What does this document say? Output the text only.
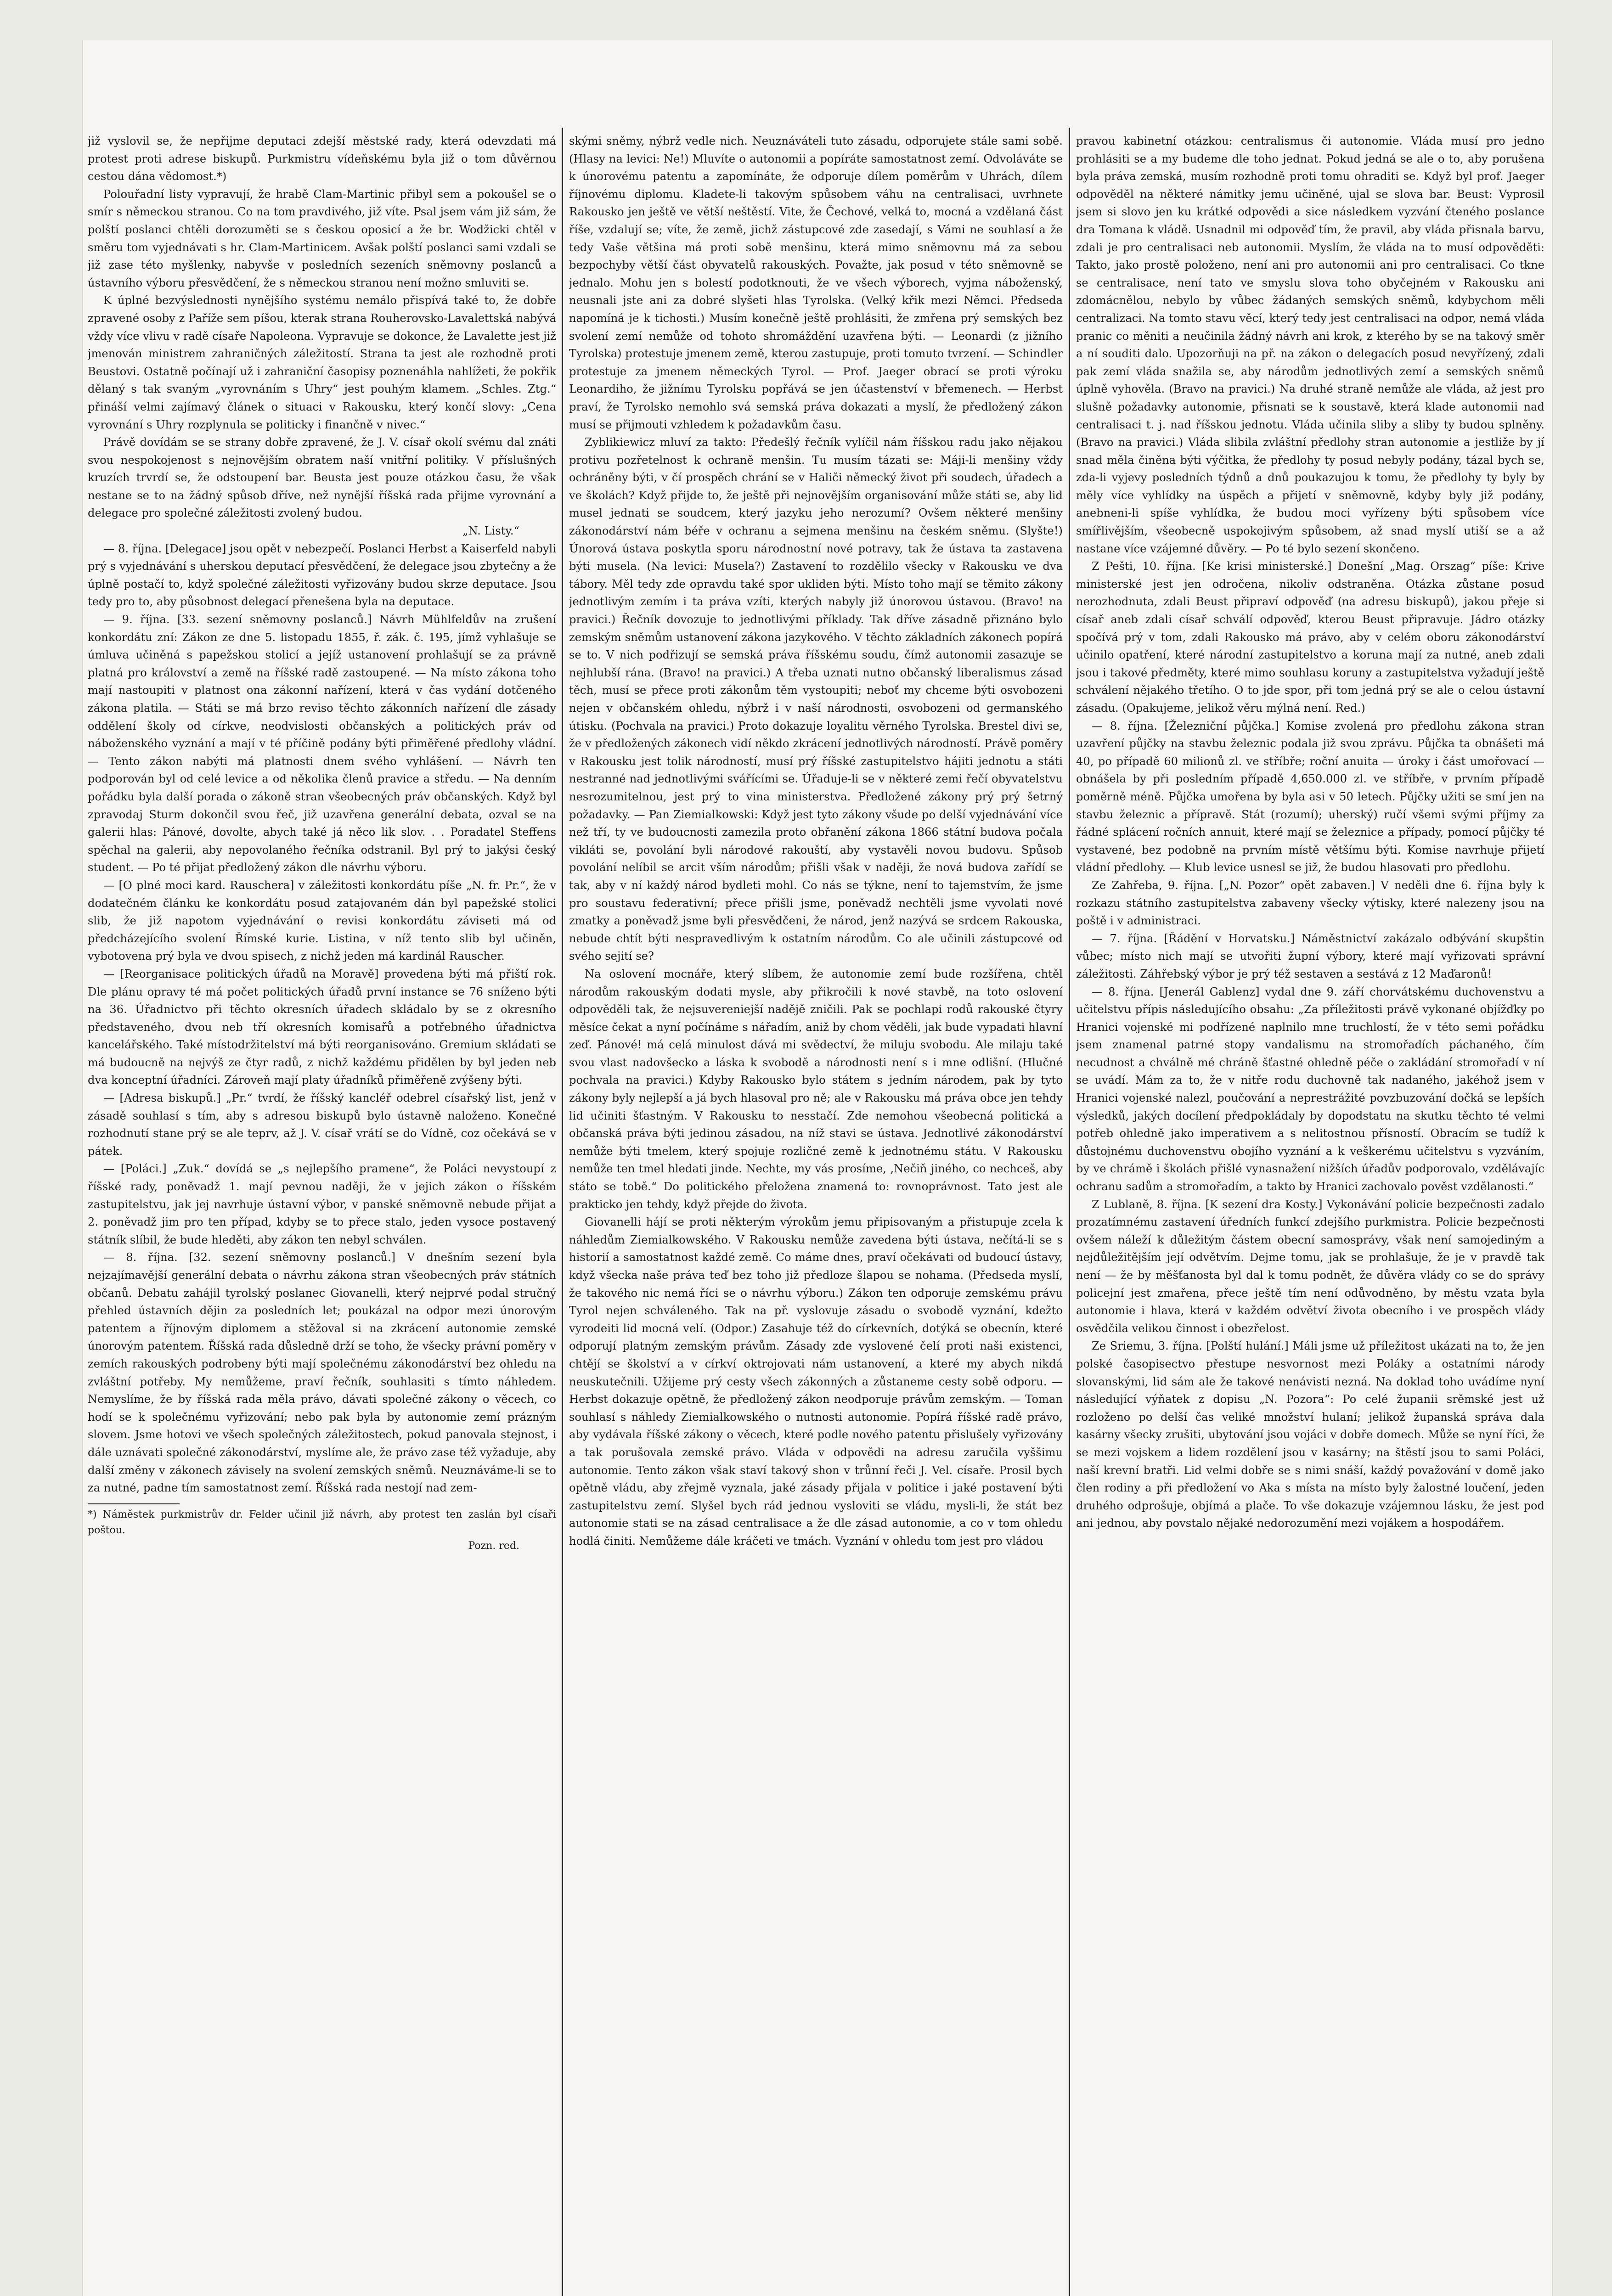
již vyslovil se, že nepřijme deputaci zdejší městské rady, která odevzdati má protest proti adrese biskupů. Purkmistru vídeňskému byla již o tom důvěrnou cestou dána vědomost.*)

Polouřadní listy vypravují, že hrabě Clam-Martinic přibyl sem a pokoušel se o smír s německou stranou. Co na tom pravdivého, již víte. Psal jsem vám již sám, že polští poslanci chtěli dorozuměti se s českou oposicí a že br. Wodžicki chtěl v směru tom vyjednávati s hr. Clam-Martinicem. Avšak polští poslanci sami vzdali se již zase této myšlenky, nabyvše v posledních sezeních sněmovny poslanců a ústavního výboru přesvědčení, že s německou stranou není možno smluviti se.

K úplné bezvýslednosti nynějšího systému nemálo přispívá také to, že dobře zpravené osoby z Paříže sem píšou, kterak strana Rouherovsko-Lavalettská nabývá vždy více vlivu v radě císaře Napoleona. Vypravuje se dokonce, že Lavalette jest již jmenován ministrem zahraničných záležitostí. Strana ta jest ale rozhodně proti Beustovi. Ostatně počínají už i zahraniční časopisy poznenáhla nahlížeti, že pokřik dělaný s tak svaným „vyrovnáním s Uhry“ jest pouhým klamem. „Schles. Ztg.“ přináší velmi zajímavý článek o situaci v Rakousku, který končí slovy: „Cena vyrovnání s Uhry rozplynula se politicky i finančně v nivec.“

Právě dovídám se se strany dobře zpravené, že J. V. císař okolí svému dal znáti svou nespokojenost s nejnovějším obratem naší vnitřní politiky. V příslušných kruzích trvrdí se, že odstoupení bar. Beusta jest pouze otázkou času, že však nestane se to na žádný spůsob dříve, než nynější říšská rada přijme vyrovnání a delegace pro společné záležitosti zvolený budou.

„N. Listy.“

— 8. října. [Delegace] jsou opět v nebezpečí. Poslanci Herbst a Kaiserfeld nabyli prý s vyjednávání s uherskou deputací přesvědčení, že delegace jsou zbytečny a že úplně postačí to, když společné záležitosti vyřizovány budou skrze deputace. Jsou tedy pro to, aby působnost delegací přenešena byla na deputace.

— 9. října. [33. sezení sněmovny poslanců.] Návrh Mühlfeldův na zrušení konkordátu zní: Zákon ze dne 5. listopadu 1855, ř. zák. č. 195, jímž vyhlašuje se úmluva učiněná s papežskou stolicí a jejíž ustanovení prohlašují se za právně platná pro království a země na říšské radě zastoupené. — Na místo zákona toho mají nastoupiti v platnost ona zákonní nařízení, která v čas vydání dotčeného zákona platila. — Státi se má brzo reviso těchto zákonních nařízení dle zásady oddělení školy od církve, neodvislosti občanských a politických práv od náboženského vyznání a mají v té příčině podány býti přiměřené předlohy vládní. — Tento zákon nabýti má platnosti dnem svého vyhlášení. — Návrh ten podporován byl od celé levice a od několika členů pravice a středu. — Na denním pořádku byla další porada o zákoně stran všeobecných práv občanských. Když byl zpravodaj Sturm dokončil svou řeč, již uzavřena generální debata, ozval se na galerii hlas: Pánové, dovolte, abych také já něco lik slov. . . Poradatel Steffens spěchal na galerii, aby nepovolaného řečníka odstranil. Byl prý to jakýsi český student. — Po té přijat předložený zákon dle návrhu výboru.

— [O plné moci kard. Rauschera] v záležitosti konkordátu píše „N. fr. Pr.“, že v dodatečném článku ke konkordátu posud zatajovaném dán byl papežské stolici slib, že již napotom vyjednávání o revisi konkordátu záviseti má od předcházejícího svolení Římské kurie. Listina, v níž tento slib byl učiněn, vybotovena prý byla ve dvou spisech, z nichž jeden má kardinál Rauscher.

— [Reorganisace politických úřadů na Moravě] provedena býti má přiští rok. Dle plánu opravy té má počet politických úřadů první instance se 76 sníženo býti na 36. Úřadnictvo při těchto okresních úřadech skládalo by se z okresního představeného, dvou neb tří okresních komisařů a potřebného úřadnictva kancelářského. Také místodržitelství má býti reorganisováno. Gremium skládati se má budoucně na nejvýš ze čtyr radů, z nichž každému přidělen by byl jeden neb dva konceptní úřadníci. Zároveň mají platy úřadníků přiměřeně zvýšeny býti.

— [Adresa biskupů.] „Pr.“ tvrdí, že říšský kancléř odebrel císařský list, jenž v zásadě souhlasí s tím, aby s adresou biskupů bylo ústavně naloženo. Konečné rozhodnutí stane prý se ale teprv, až J. V. císař vrátí se do Vídně, coz očekává se v pátek.

— [Poláci.] „Zuk.“ dovídá se „s nejlepšího pramene“, že Poláci nevystoupí z říšské rady, poněvadž 1. mají pevnou naději, že v jejich zákon o říšském zastupitelstvu, jak jej navrhuje ústavní výbor, v panské sněmovně nebude přijat a 2. poněvadž jim pro ten případ, kdyby se to přece stalo, jeden vysoce postavený státník slíbil, že bude hleděti, aby zákon ten nebyl schválen.

— 8. října. [32. sezení sněmovny poslanců.] V dnešním sezení byla nejzajímavější generální debata o návrhu zákona stran všeobecných práv státních občanů. Debatu zahájil tyrolský poslanec Giovanelli, který nejprvé podal stručný přehled ústavních dějin za posledních let; poukázal na odpor mezi únorovým patentem a říjnovým diplomem a stěžoval si na zkrácení autonomie zemské únorovým patentem. Říšská rada důsledně drží se toho, že všecky právní poměry v zemích rakouských podrobeny býti mají společnému zákonodárství bez ohledu na zvláštní potřeby. My nemůžeme, praví řečník, souhlasiti s tímto náhledem. Nemyslíme, že by říšská rada měla právo, dávati společné zákony o věcech, co hodí se k společnému vyřizování; nebo pak byla by autonomie zemí prázným slovem. Jsme hotovi ve všech společných záležitostech, pokud panovala stejnost, i dále uznávati společné zákonodárství, myslíme ale, že právo zase též vyžaduje, aby další změny v zákonech závisely na svolení zemských sněmů. Neuznáváme-li se to za nutné, padne tím samostatnost zemí. Říšská rada nestojí nad zem-

*) Náměstek purkmistrův dr. Felder učinil již návrh, aby protest ten zaslán byl císaři poštou.

Pozn. red.

skými sněmy, nýbrž vedle nich. Neuznáváteli tuto zásadu, odporujete stále sami sobě. (Hlasy na levici: Ne!) Mluvíte o autonomii a popíráte samostatnost zemí. Odvoláváte se k únorovému patentu a zapomínáte, že odporuje dílem poměrům v Uhrách, dílem říjnovému diplomu. Kladete-li takovým spůsobem váhu na centralisaci, uvrhnete Rakousko jen ještě ve větší neštěstí. Vite, že Čechové, velká to, mocná a vzdělaná část říše, vzdalují se; víte, že země, jichž zástupcové zde zasedají, s Vámi ne souhlasí a že tedy Vaše většina má proti sobě menšinu, která mimo sněmovnu má za sebou bezpochyby větší část obyvatelů rakouských. Považte, jak posud v této sněmovně se jednalo. Mohu jen s bolestí podotknouti, že ve všech výborech, vyjma náboženský, neusnali jste ani za dobré slyšeti hlas Tyrolska. (Velký křik mezi Němci. Předseda napomíná je k tichosti.) Musím konečně ještě prohlásiti, že zmřena prý semských bez svolení zemí nemůže od tohoto shromáždění uzavřena býti. — Leonardi (z jižního Tyrolska) protestuje jmenem země, kterou zastupuje, proti tomuto tvrzení. — Schindler protestuje za jmenem německých Tyrol. — Prof. Jaeger obrací se proti výroku Leonardiho, že jižnímu Tyrolsku popřává se jen účastenství v břemenech. — Herbst praví, že Tyrolsko nemohlo svá semská práva dokazati a myslí, že předložený zákon musí se přijmouti vzhledem k požadavkům času.

Zyblikiewicz mluví za takto: Předešlý řečník vylíčil nám říšskou radu jako nějakou protivu pozřetelnost k ochraně menšin. Tu musím tázati se: Máji-li menšiny vždy ochráněny býti, v čí prospěch chrání se v Haliči německý život při soudech, úřadech a ve školách? Když přijde to, že ještě při nejnovějším organisování může státi se, aby lid musel jednati se soudcem, který jazyku jeho nerozumí? Ovšem některé menšiny zákonodárství nám béře v ochranu a sejmena menšinu na českém sněmu. (Slyšte!) Únorová ústava poskytla sporu národnostní nové potravy, tak že ústava ta zastavena býti musela. (Na levici: Musela?) Zastavení to rozdělilo všecky v Rakousku ve dva tábory. Měl tedy zde opravdu také spor ukliden býti. Místo toho mají se těmito zákony jednotlivým zemím i ta práva vzíti, kterých nabyly již únorovou ústavou. (Bravo! na pravici.) Řečník dovozuje to jednotlivými příklady. Tak dříve zásadně přiznáno bylo zemským sněmům ustanovení zákona jazykového. V těchto základních zákonech popírá se to. V nich podřizují se semská práva říšskému soudu, čímž autonomii zasazuje se nejhlubší rána. (Bravo! na pravici.) A třeba uznati nutno občanský liberalismus zásad těch, musí se přece proti zákonům těm vystoupiti; neboť my chceme býti osvobozeni nejen v občanském ohledu, nýbrž i v naší národnosti, osvobozeni od germanského útisku. (Pochvala na pravici.) Proto dokazuje loyalitu věrného Tyrolska. Brestel divi se, že v předložených zákonech vidí někdo zkrácení jednotlivých národností. Právě poměry v Rakousku jest tolik národností, musí prý říšské zastupitelstvo hájiti jednotu a státi nestranné nad jednotlivými svářícími se. Úřaduje-li se v některé zemi řečí obyvatelstvu nesrozumitelnou, jest prý to vina ministerstva. Předložené zákony prý prý šetrný požadavky. — Pan Ziemialkowski: Když jest tyto zákony všude po delší vyjednávání více než tří, ty ve budoucnosti zamezila proto obřanění zákona 1866 státní budova počala vikláti se, povolání byli národové rakouští, aby vystavěli novou budovu. Spůsob povolání nelíbil se arcit vším národům; přišli však v naději, že nová budova zařídí se tak, aby v ní každý národ bydleti mohl. Co nás se týkne, není to tajemstvím, že jsme pro soustavu federativní; přece přišli jsme, poněvadž nechtěli jsme vyvolati nové zmatky a poněvadž jsme byli přesvědčeni, že národ, jenž nazývá se srdcem Rakouska, nebude chtít býti nespravedlivým k ostatním národům. Co ale učinili zástupcové od svého sejití se?

Na oslovení mocnáře, který slíbem, že autonomie zemí bude rozšířena, chtěl národům rakouským dodati mysle, aby přikročili k nové stavbě, na toto oslovení odpověděli tak, že nejsuvereniejší nadějě zničili. Pak se pochlapi rodů rakouské čtyry měsíce čekat a nyní počínáme s nářadím, aniž by chom věděli, jak bude vypadati hlavní zeď. Pánové! má celá minulost dává mi svědectví, že miluju svobodu. Ale milaju také svou vlast nadovšecko a láska k svobodě a národnosti není s i mne odlišní. (Hlučné pochvala na pravici.) Kdyby Rakousko bylo státem s jedním národem, pak by tyto zákony byly nejlepší a já bych hlasoval pro ně; ale v Rakousku má práva obce jen tehdy lid učiniti šťastným. V Rakousku to nesstačí. Zde nemohou všeobecná politická a občanská práva býti jedinou zásadou, na níž stavi se ústava. Jednotlivé zákonodárství nemůže býti tmelem, který spojuje rozličné země k jednotnému státu. V Rakousku nemůže ten tmel hledati jinde. Nechte, my vás prosíme, ,Nečiň jiného, co nechceš, aby státo se tobě.“ Do politického přeložena znamená to: rovnoprávnost. Tato jest ale prakticko jen tehdy, když přejde do života.

Giovanelli hájí se proti některým výrokům jemu připisovaným a přistupuje zcela k náhledům Ziemialkowského. V Rakousku nemůže zavedena býti ústava, nečítá-li se s historií a samostatnost každé země. Co máme dnes, praví očekávati od budoucí ústavy, když všecka naše práva teď bez toho již předloze šlapou se nohama. (Předseda myslí, že takového nic nemá říci se o návrhu výboru.) Zákon ten odporuje zemskému právu Tyrol nejen schváleného. Tak na př. vyslovuje zásadu o svobodě vyznání, kdežto vyrodeiti lid mocná velí. (Odpor.) Zasahuje též do církevních, dotýká se obecnín, které odporují platným zemským právům. Zásady zde vyslovené čelí proti naši existenci, chtějí se školství a v církví oktrojovati nám ustanovení, a které my abych nikdá neuskutečnili. Užijeme prý cesty všech zákonných a zůstaneme cesty sobě odporu. — Herbst dokazuje opětně, že předložený zákon neodporuje právům zemským. — Toman souhlasí s náhledy Ziemialkowského o nutnosti autonomie. Popírá říšské radě právo, aby vydávala říšské zákony o věcech, které podle nového patentu přislušely vyřizovány a tak porušovala zemské právo. Vláda v odpovědi na adresu zaručila vyššimu autonomie. Tento zákon však staví takový shon v trůnní řeči J. Vel. císaře. Prosil bych opětně vládu, aby zřejmě vyznala, jaké zásady přijala v politice i jaké postavení býti zastupitelstvu zemí. Slyšel bych rád jednou vysloviti se vládu, mysli-li, že stát bez autonomie stati se na zásad centralisace a že dle zásad autonomie, a co v tom ohledu hodlá činiti. Nemůžeme dále kráčeti ve tmách. Vyznání v ohledu tom jest pro vládou

pravou kabinetní otázkou: centralismus či autonomie. Vláda musí pro jedno prohlásiti se a my budeme dle toho jednat. Pokud jedná se ale o to, aby porušena byla práva zemská, musím rozhodně proti tomu ohraditi se. Když byl prof. Jaeger odpověděl na některé námitky jemu učiněné, ujal se slova bar. Beust: Vyprosil jsem si slovo jen ku krátké odpovědi a sice následkem vyzvání čteného poslance dra Tomana k vládě. Usnadnil mi odpověď tím, že pravil, aby vláda přisnala barvu, zdali je pro centralisaci neb autonomii. Myslím, že vláda na to musí odpověděti: Takto, jako prostě položeno, není ani pro autonomii ani pro centralisaci. Co tkne se centralisace, není tato ve smyslu slova toho obyčejném v Rakousku ani zdomácnělou, nebylo by vůbec žádaných semských sněmů, kdybychom měli centralizaci. Na tomto stavu věcí, který tedy jest centralisaci na odpor, nemá vláda pranic co měniti a neučinila žádný návrh ani krok, z kterého by se na takový směr a ní souditi dalo. Upozorňuji na př. na zákon o delegacích posud nevyřízený, zdali pak zemí vláda snažila se, aby národům jednotlivých zemí a semských sněmů úplně vyhověla. (Bravo na pravici.) Na druhé straně nemůže ale vláda, až jest pro slušně požadavky autonomie, přisnati se k soustavě, která klade autonomii nad centralisaci t. j. nad říšskou jednotu. Vláda učinila sliby a sliby ty budou splněny. (Bravo na pravici.) Vláda slibila zvláštní předlohy stran autonomie a jestliže by jí snad měla činěna býti výčitka, že předlohy ty posud nebyly podány, tázal bych se, zda-li vyjevy posledních týdnů a dnů poukazujou k tomu, že předlohy ty byly by měly více vyhlídky na úspěch a přijetí v sněmovně, kdyby byly již podány, anebneni-li spíše vyhlídka, že budou moci vyřízeny býti spůsobem více smířlivějším, všeobecně uspokojivým spůsobem, až snad myslí utiší se a až nastane více vzájemné důvěry. — Po té bylo sezení skončeno.

Z Pešti, 10. října. [Ke krisi ministerské.] Donešní „Mag. Orszag“ píše: Krive ministerské jest jen odročena, nikoliv odstraněna. Otázka zůstane posud nerozhodnuta, zdali Beust připraví odpověď (na adresu biskupů), jakou přeje si císař aneb zdali císař schválí odpověď, kterou Beust připravuje. Jádro otázky spočívá prý v tom, zdali Rakousko má právo, aby v celém oboru zákonodárství učinilo opatření, které národní zastupitelstvo a koruna mají za nutné, aneb zdali jsou i takové předměty, které mimo souhlasu koruny a zastupitelstva vyžadují ještě schválení nějakého třetího. O to jde spor, při tom jedná prý se ale o celou ústavní zásadu. (Opakujeme, jelikož věru mýlná není. Red.)

— 8. října. [Železniční půjčka.] Komise zvolená pro předlohu zákona stran uzavření půjčky na stavbu železnic podala již svou zprávu. Půjčka ta obnášeti má 40, po případě 60 milionů zl. ve stříbře; roční anuita — úroky i část umořovací — obnášela by při posledním případě 4,650.000 zl. ve stříbře, v prvním případě poměrně méně. Půjčka umořena by byla asi v 50 letech. Půjčky užiti se smí jen na stavbu železnic a přípravě. Stát (rozumí); uherský) ručí všemi svými příjmy za řádné splácení ročních annuit, které mají se železnice a případy, pomocí půjčky té vystavené, bez podobně na prvním místě většímu býti. Komise navrhuje přijetí vládní předlohy. — Klub levice usnesl se již, že budou hlasovati pro předlohu.

Ze Zahřeba, 9. října. [„N. Pozor“ opět zabaven.] V neděli dne 6. října byly k rozkazu státního zastupitelstva zabaveny všecky výtisky, které nalezeny jsou na poště i v administraci.

— 7. října. [Řádění v Horvatsku.] Náměstnictví zakázalo odbývání skupštin vůbec; místo nich mají se utvořiti župní výbory, které mají vyřizovati správní záležitosti. Záhřebský výbor je prý též sestaven a sestává z 12 Maďaronů!

— 8. října. [Jenerál Gablenz] vydal dne 9. září chorvátskému duchovenstvu a učitelstvu přípis následujícího obsahu: „Za příležitosti právě vykonané objížďky po Hranici vojenské mi podřízené naplnilo mne truchlostí, že v této semi pořádku jsem znamenal patrné stopy vandalismu na stromořadích páchaného, čím necudnost a chválně mé chráně šťastné ohledně péče o zakládání stromořadí v ní se uvádí. Mám za to, že v nitře rodu duchovně tak nadaného, jakéhož jsem v Hranici vojenské nalezl, poučování a neprestrážité povzbuzování dočká se lepších výsledků, jakých docílení předpokládaly by dopodstatu na skutku těchto té velmi potřeb ohledně jako imperativem a s nelitostnou přísností. Obracím se tudíž k důstojnému duchovenstvu obojího vyznání a k veškerému učitelstvu s vyzváním, by ve chrámě i školách přišlé vynasnažení nižších úřadův podporovalo, vzdělávajíc ochranu sadům a stromořadím, a takto by Hranici zachovalo pověst vzdělanosti.“

Z Lublaně, 8. října. [K sezení dra Kosty.] Vykonávání policie bezpečnosti zadalo prozatímnému zastavení úředních funkcí zdejšího purkmistra. Policie bezpečnosti ovšem náleží k důležitým částem obecní samosprávy, však není samojediným a nejdůležitějším její odvětvím. Dejme tomu, jak se prohlašuje, že je v pravdě tak není — že by měšťanosta byl dal k tomu podnět, že důvěra vlády co se do správy policejní jest zmařena, přece ještě tím není odůvodněno, by městu vzata byla autonomie i hlava, která v každém odvětví života obecního i ve prospěch vlády osvědčila velikou činnost i obezřelost.

Ze Sriemu, 3. října. [Polští hulání.] Máli jsme už příležitost ukázati na to, že jen polské časopisectvo přestupe nesvornost mezi Poláky a ostatními národy slovanskými, lid sám ale že takové nenávisti nezná. Na doklad toho uvádíme nyní následující výňatek z dopisu „N. Pozora“: Po celé županii srěmské jest už rozloženo po delší čas veliké množství hulaní; jelikož županská správa dala kasárny všecky zrušiti, ubytování jsou vojáci v dobře domech. Může se nyní říci, že se mezi vojskem a lidem rozdělení jsou v kasárny; na štěstí jsou to sami Poláci, naší krevní bratři. Lid velmi dobře se s nimi snáší, každý považování v domě jako člen rodiny a při předložení vo Aka s místa na místo byly žalostné loučení, jeden druhého odprošuje, objímá a plače. To vše dokazuje vzájemnou lásku, že jest pod ani jednou, aby povstalo nějaké nedorozumění mezi vojákem a hospodářem.
